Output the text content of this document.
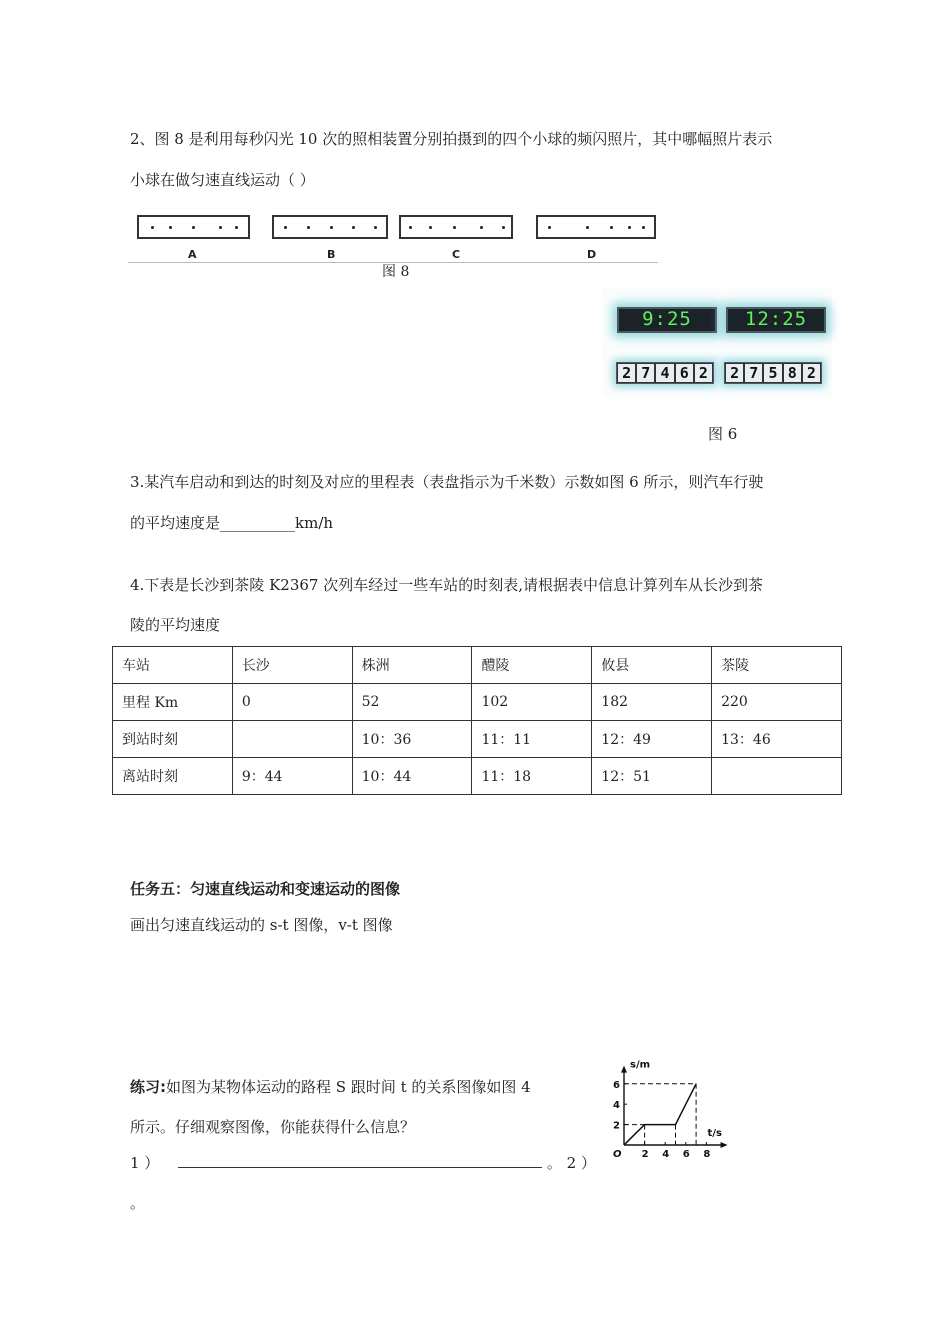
2、图 8 是利用每秒闪光 10 次的照相装置分别拍摄到的四个小球的频闪照片，其中哪幅照片表示
小球在做匀速直线运动（ ）
A	B	C	D
图 8
9:25	12:25
2 7 4 6 2 2 7 5 8 2
图 6
3.某汽车启动和到达的时刻及对应的里程表（表盘指示为千米数）示数如图 6 所示，则汽车行驶
的平均速度是__________km/h
4.下表是长沙到茶陵 K2367 次列车经过一些车站的时刻表,请根据表中信息计算列车从长沙到茶
陵的平均速度
车站	长沙	株洲	醴陵	攸县	茶陵
里程 Km	0	52	102	182	220
到站时刻		10：36	11：11	12：49	13：46
离站时刻	9：44	10：44	11：18	12：51	
任务五：匀速直线运动和变速运动的图像
画出匀速直线运动的 s-t 图像，v-t 图像
练习:如图为某物体运动的路程 S 跟时间 t 的关系图像如图 4
所示。仔细观察图像，你能获得什么信息？
1 ）	。 2 ）
。
s/m
t/s
O 2 4 6 8
2
4
6
